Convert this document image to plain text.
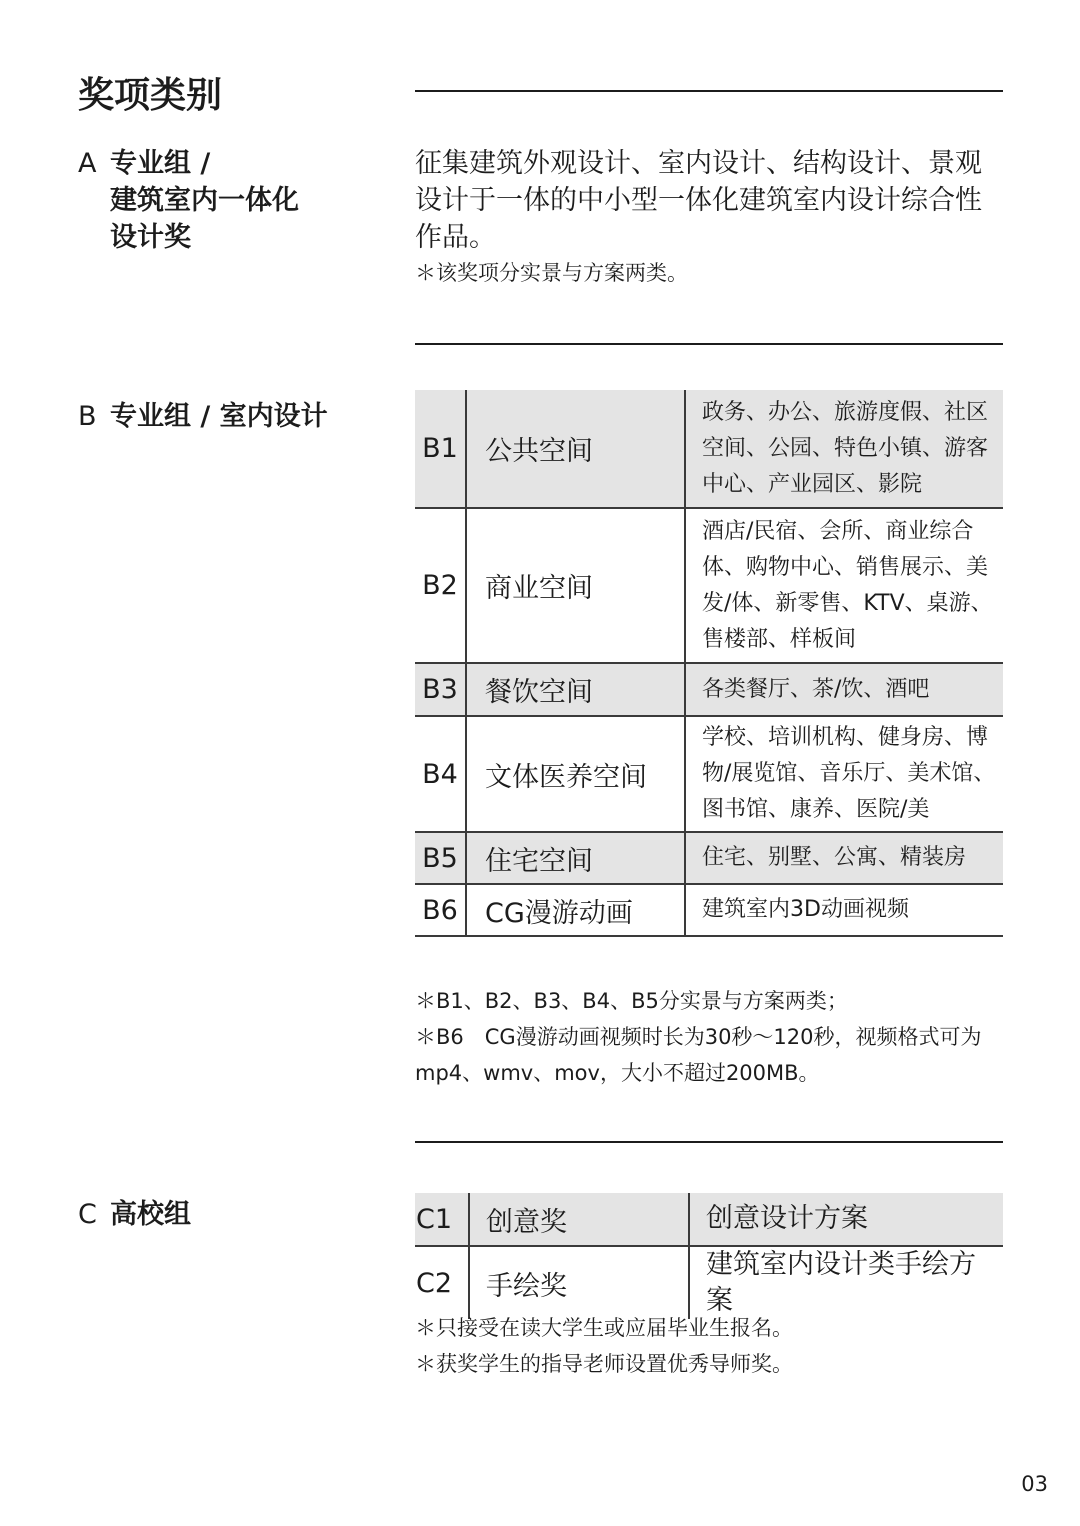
奖项类别
A 专业组 /
建筑室内一体化
设计奖

征集建筑外观设计、室内设计、结构设计、景观设计于一体的中小型一体化建筑室内设计综合性作品。

＊该奖项分实景与方案两类。
B 专业组 / 室内设计
B1	公共空间	政务、办公、旅游度假、社区空间、公园、特色小镇、游客中心、产业园区、影院
B2	商业空间	酒店/民宿、会所、商业综合体、购物中心、销售展示、美发/体、新零售、KTV、桌游、售楼部、样板间
B3	餐饮空间	各类餐厅、茶/饮、酒吧
B4	文体医养空间	学校、培训机构、健身房、博物/展览馆、音乐厅、美术馆、图书馆、康养、医院/美
B5	住宅空间	住宅、别墅、公寓、精装房
B6	CG漫游动画	建筑室内3D动画视频

＊B1、B2、B3、B4、B5分实景与方案两类；

＊B6　CG漫游动画视频时长为30秒～120秒，视频格式可为mp4、wmv、mov，大小不超过200MB。

C 高校组	C1	创意奖	创意设计方案
C2	手绘奖	建筑室内设计类手绘方案

＊只接受在读大学生或应届毕业生报名。

＊获奖学生的指导老师设置优秀导师奖。

03
